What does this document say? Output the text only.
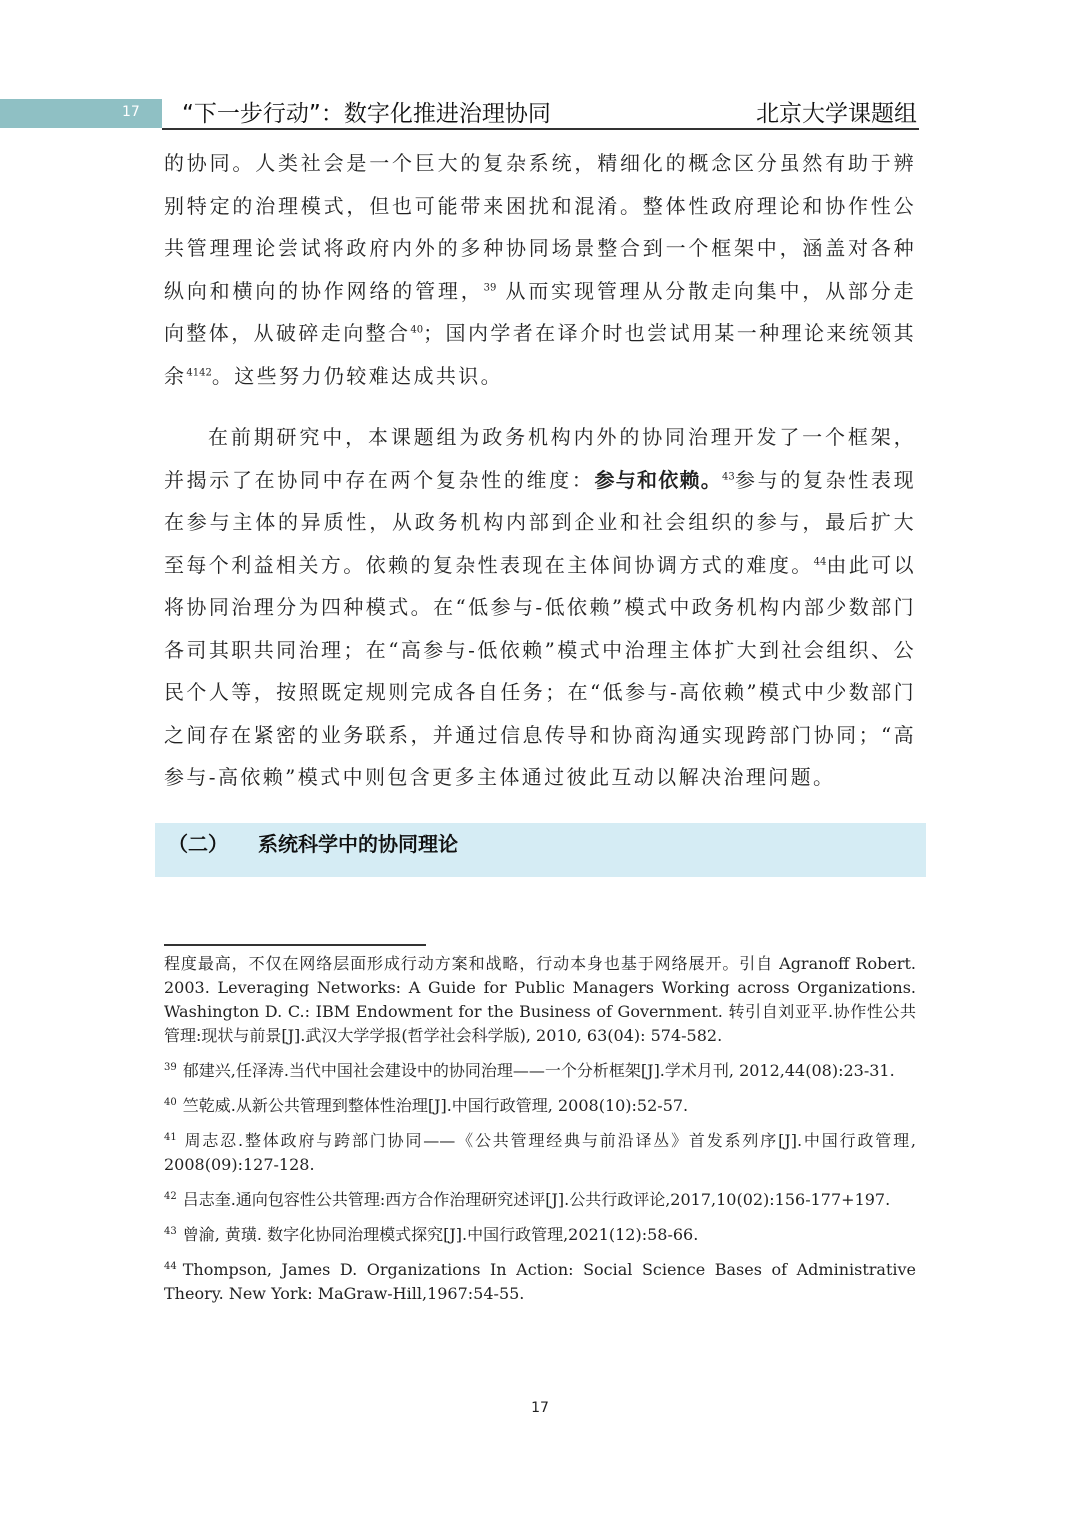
17 “下一步行动”：数字化推进治理协同	北京大学课题组
的协同。人类社会是一个巨大的复杂系统，精细化的概念区分虽然有助于辨别特定的治理模式，但也可能带来困扰和混淆。整体性政府理论和协作性公共管理理论尝试将政府内外的多种协同场景整合到一个框架中，涵盖对各种纵向和横向的协作网络的管理，$^{39}$ 从而实现管理从分散走向集中，从部分走向整体，从破碎走向整合$^{40}$；国内学者在译介时也尝试用某一种理论来统领其余$^{4142}$。这些努力仍较难达成共识。
在前期研究中，本课题组为政务机构内外的协同治理开发了一个框架，并揭示了在协同中存在两个复杂性的维度：参与和依赖。$^{43}$参与的复杂性表现在参与主体的异质性，从政务机构内部到企业和社会组织的参与，最后扩大至每个利益相关方。依赖的复杂性表现在主体间协调方式的难度。$^{44}$由此可以将协同治理分为四种模式。在“低参与-低依赖”模式中政务机构内部少数部门各司其职共同治理；在“高参与-低依赖”模式中治理主体扩大到社会组织、公民个人等，按照既定规则完成各自任务；在“低参与-高依赖”模式中少数部门之间存在紧密的业务联系，并通过信息传导和协商沟通实现跨部门协同；“高参与-高依赖”模式中则包含更多主体通过彼此互动以解决治理问题。
（二） 系统科学中的协同理论
程度最高，不仅在网络层面形成行动方案和战略，行动本身也基于网络展开。引自 Agranoff Robert. 2003. Leveraging Networks: A Guide for Public Managers Working across Organizations. Washington D. C.: IBM Endowment for the Business of Government. 转引自刘亚平.协作性公共管理:现状与前景[J].武汉大学学报(哲学社会科学版), 2010, 63(04): 574-582.
$^{39}$ 郁建兴,任泽涛.当代中国社会建设中的协同治理——一个分析框架[J].学术月刊, 2012,44(08):23-31.
$^{40}$ 竺乾威.从新公共管理到整体性治理[J].中国行政管理, 2008(10):52-57.
$^{41}$ 周志忍.整体政府与跨部门协同——《公共管理经典与前沿译丛》首发系列序[J].中国行政管理, 2008(09):127-128.
$^{42}$ 吕志奎.通向包容性公共管理:西方合作治理研究述评[J].公共行政评论,2017,10(02):156-177+197.
$^{43}$ 曾渝, 黄璜. 数字化协同治理模式探究[J].中国行政管理,2021(12):58-66.
$^{44}$ Thompson, James D. Organizations In Action: Social Science Bases of Administrative Theory. New York: MaGraw-Hill,1967:54-55.
17
